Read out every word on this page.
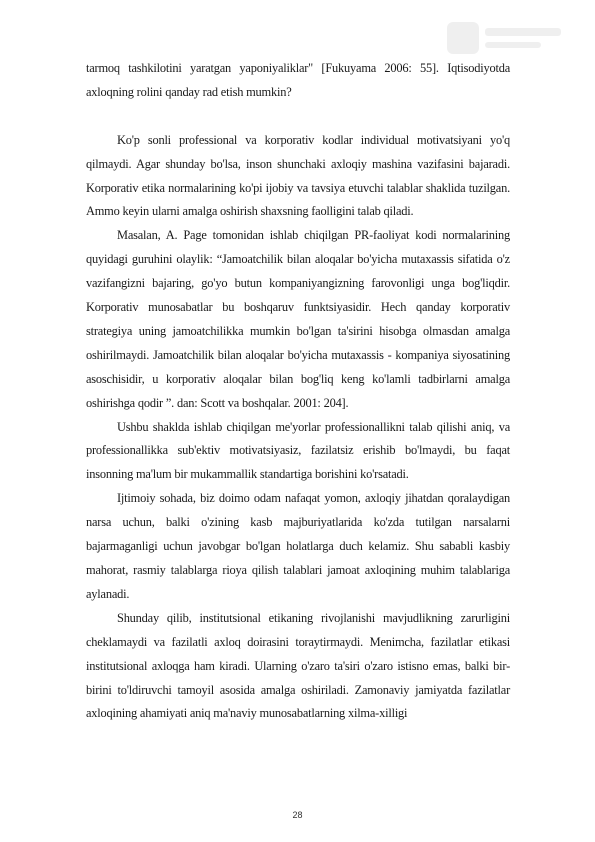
tarmoq tashkilotini yaratgan yaponiyaliklar" [Fukuyama 2006: 55]. Iqtisodiyotda axloqning rolini qanday rad etish mumkin?

Ko'p sonli professional va korporativ kodlar individual motivatsiyani yo'q qilmaydi. Agar shunday bo'lsa, inson shunchaki axloqiy mashina vazifasini bajaradi. Korporativ etika normalarining ko'pi ijobiy va tavsiya etuvchi talablar shaklida tuzilgan. Ammo keyin ularni amalga oshirish shaxsning faolligini talab qiladi.

Masalan, A. Page tomonidan ishlab chiqilgan PR-faoliyat kodi normalarining quyidagi guruhini olaylik: “Jamoatchilik bilan aloqalar bo'yicha mutaxassis sifatida o'z vazifangizni bajaring, go'yo butun kompaniyangizning farovonligi unga bog'liqdir. Korporativ munosabatlar bu boshqaruv funktsiyasidir. Hech qanday korporativ strategiya uning jamoatchilikka mumkin bo'lgan ta'sirini hisobga olmasdan amalga oshirilmaydi. Jamoatchilik bilan aloqalar bo'yicha mutaxassis - kompaniya siyosatining asoschisidir, u korporativ aloqalar bilan bog'liq keng ko'lamli tadbirlarni amalga oshirishga qodir ”. dan: Scott va boshqalar. 2001: 204].

Ushbu shaklda ishlab chiqilgan me'yorlar professionallikni talab qilishi aniq, va professionallikka sub'ektiv motivatsiyasiz, fazilatsiz erishib bo'lmaydi, bu faqat insonning ma'lum bir mukammallik standartiga borishini ko'rsatadi.

Ijtimoiy sohada, biz doimo odam nafaqat yomon, axloqiy jihatdan qoralaydigan narsa uchun, balki o'zining kasb majburiyatlarida ko'zda tutilgan narsalarni bajarmaganligi uchun javobgar bo'lgan holatlarga duch kelamiz. Shu sababli kasbiy mahorat, rasmiy talablarga rioya qilish talablari jamoat axloqining muhim talablariga aylanadi.

Shunday qilib, institutsional etikaning rivojlanishi mavjudlikning zarurligini cheklamaydi va fazilatli axloq doirasini toraytirmaydi. Menimcha, fazilatlar etikasi institutsional axloqga ham kiradi. Ularning o'zaro ta'siri o'zaro istisno emas, balki bir-birini to'ldiruvchi tamoyil asosida amalga oshiriladi. Zamonaviy jamiyatda fazilatlar axloqining ahamiyati aniq ma'naviy munosabatlarning xilma-xilligi

28
